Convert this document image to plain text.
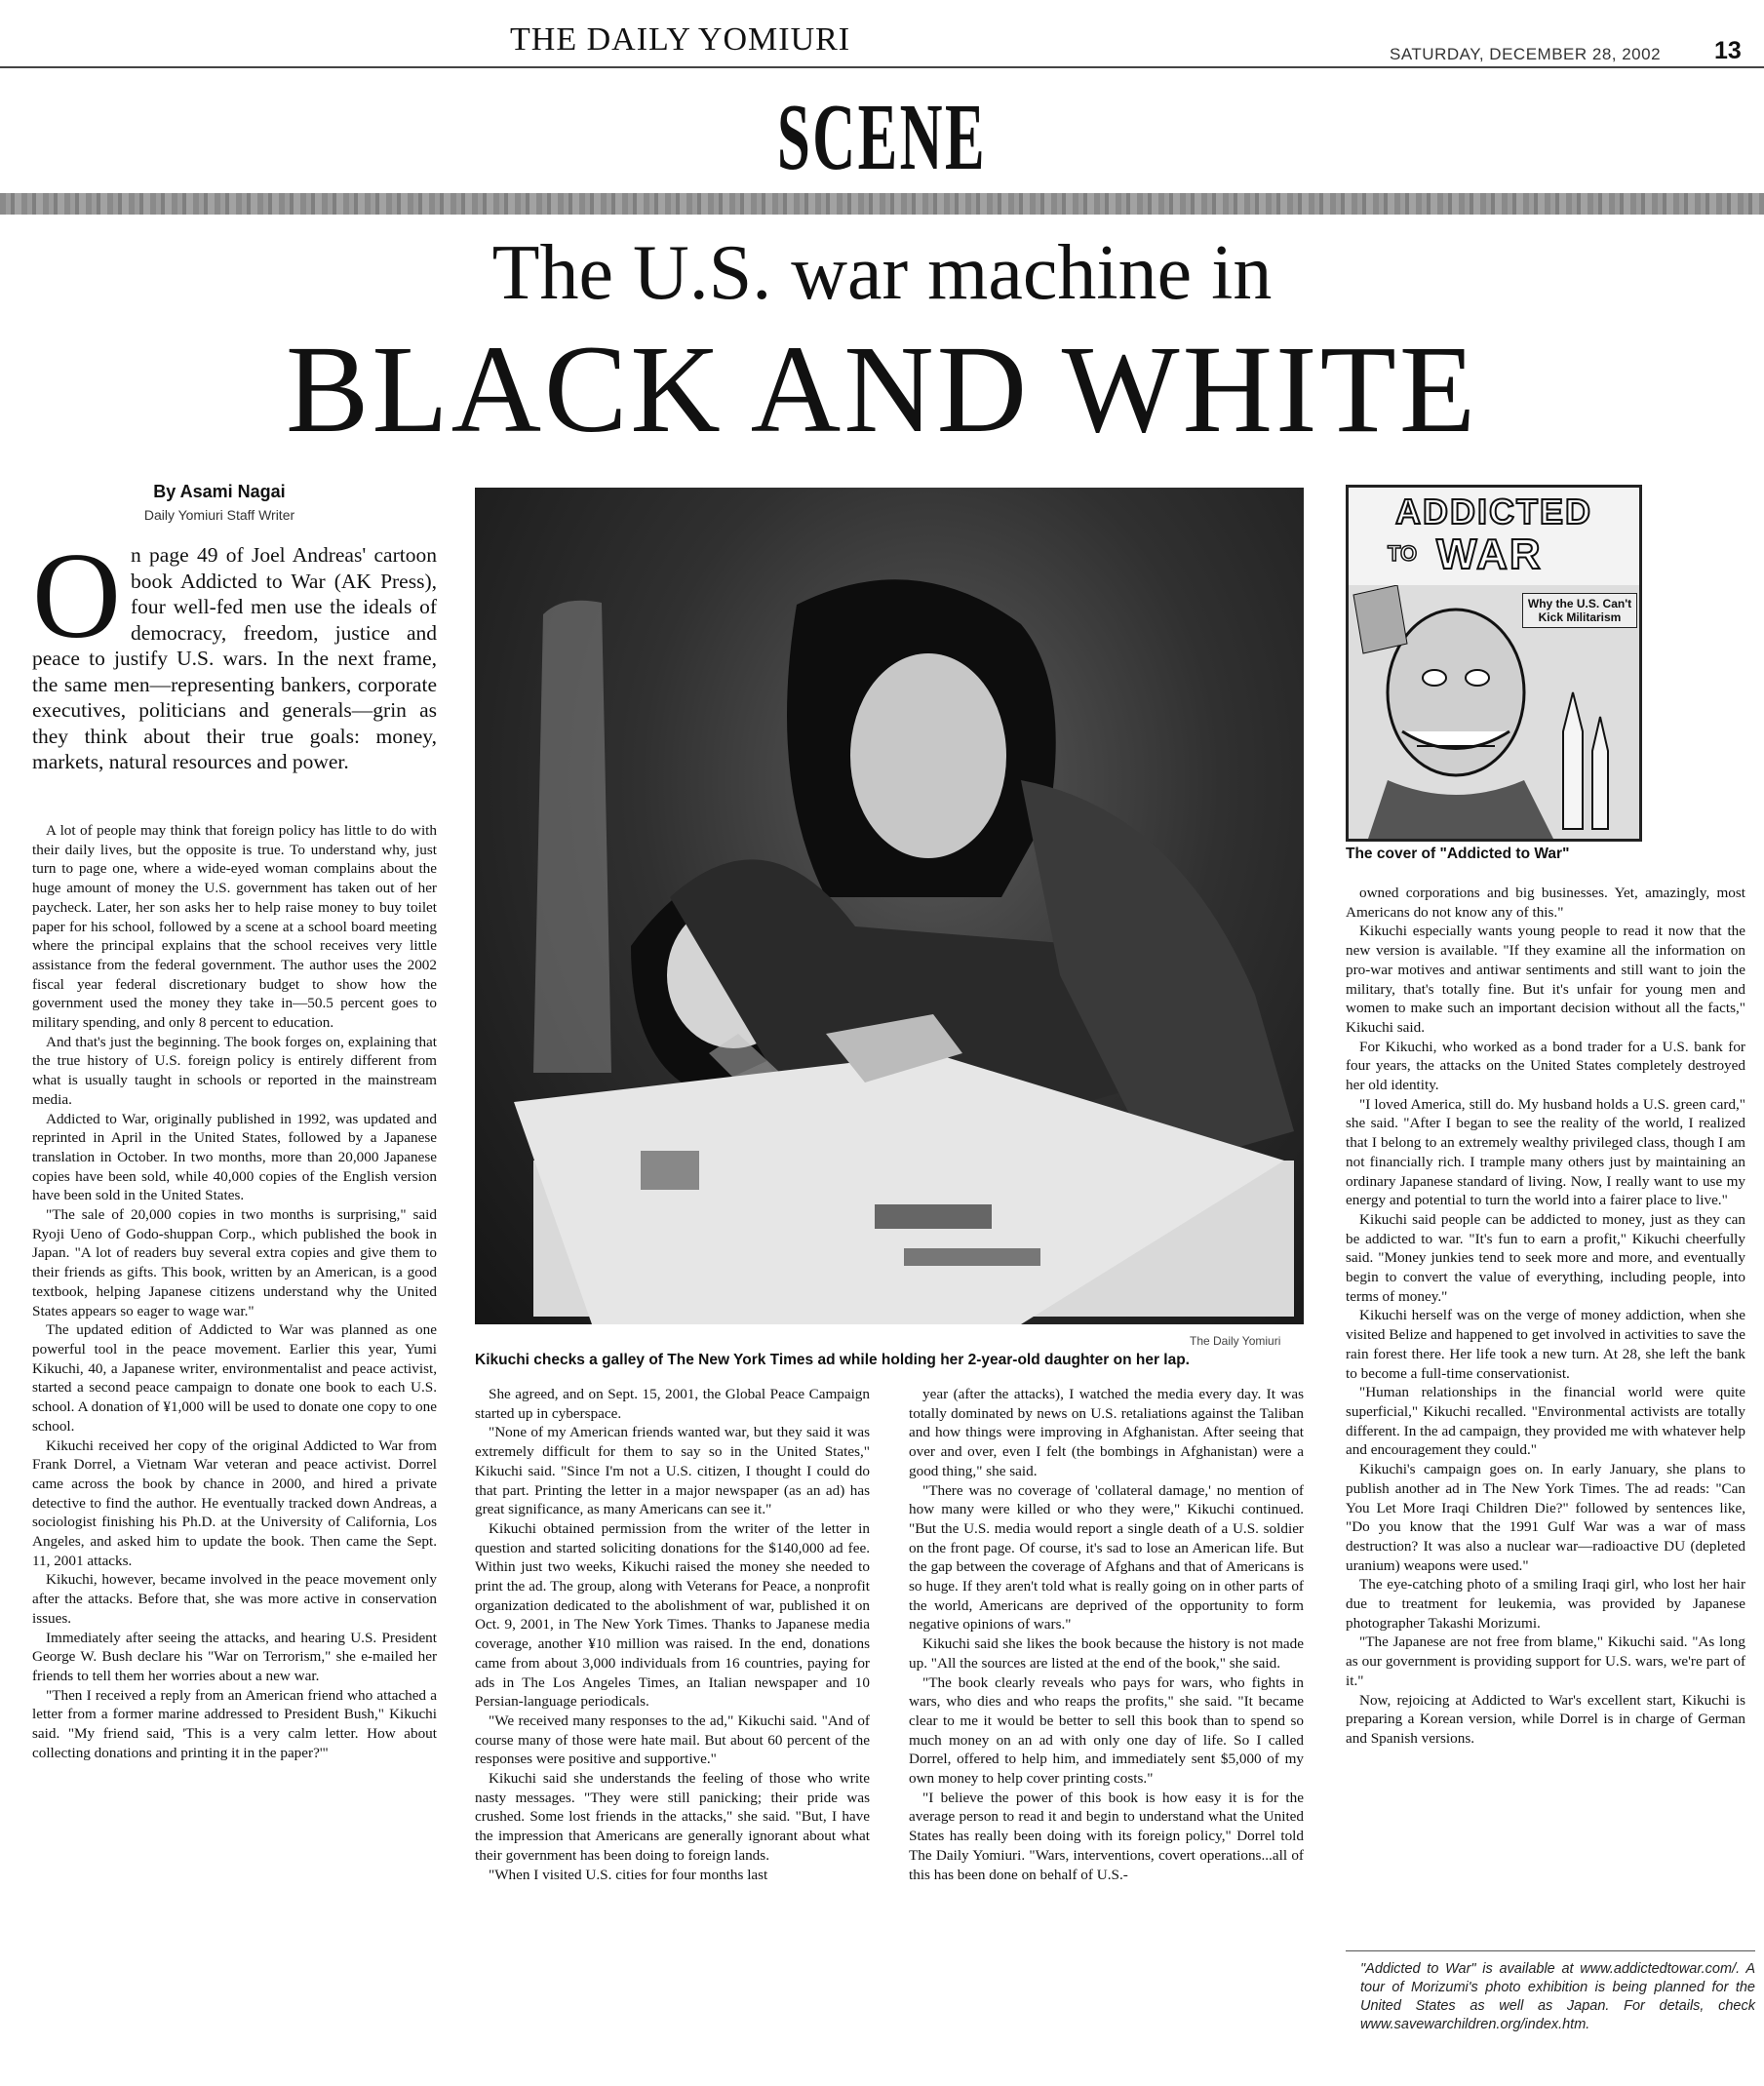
THE DAILY YOMIURI	SATURDAY, DECEMBER 28, 2002 13
SCENE
The U.S. war machine in
BLACK AND WHITE
By Asami Nagai
Daily Yomiuri Staff Writer
On page 49 of Joel Andreas' cartoon book Addicted to War (AK Press), four well-fed men use the ideals of democracy, freedom, justice and peace to justify U.S. wars. In the next frame, the same men—representing bankers, corporate executives, politicians and generals—grin as they think about their true goals: money, markets, natural resources and power.

A lot of people may think that foreign policy has little to do with their daily lives, but the opposite is true. To understand why, just turn to page one, where a wide-eyed woman complains about the huge amount of money the U.S. government has taken out of her paycheck. Later, her son asks her to help raise money to buy toilet paper for his school, followed by a scene at a school board meeting where the principal explains that the school receives very little assistance from the federal government. The author uses the 2002 fiscal year federal discretionary budget to show how the government used the money they take in—50.5 percent goes to military spending, and only 8 percent to education.

And that's just the beginning. The book forges on, explaining that the true history of U.S. foreign policy is entirely different from what is usually taught in schools or reported in the mainstream media.

Addicted to War, originally published in 1992, was updated and reprinted in April in the United States, followed by a Japanese translation in October. In two months, more than 20,000 Japanese copies have been sold, while 40,000 copies of the English version have been sold in the United States.

"The sale of 20,000 copies in two months is surprising," said Ryoji Ueno of Godo-shuppan Corp., which published the book in Japan. "A lot of readers buy several extra copies and give them to their friends as gifts. This book, written by an American, is a good textbook, helping Japanese citizens understand why the United States appears so eager to wage war."

The updated edition of Addicted to War was planned as one powerful tool in the peace movement. Earlier this year, Yumi Kikuchi, 40, a Japanese writer, environmentalist and peace activist, started a second peace campaign to donate one book to each U.S. school. A donation of ¥1,000 will be used to donate one copy to one school.

Kikuchi received her copy of the original Addicted to War from Frank Dorrel, a Vietnam War veteran and peace activist. Dorrel came across the book by chance in 2000, and hired a private detective to find the author. He eventually tracked down Andreas, a sociologist finishing his Ph.D. at the University of California, Los Angeles, and asked him to update the book. Then came the Sept. 11, 2001 attacks.

Kikuchi, however, became involved in the peace movement only after the attacks. Before that, she was more active in conservation issues.

Immediately after seeing the attacks, and hearing U.S. President George W. Bush declare his "War on Terrorism," she e-mailed her friends to tell them her worries about a new war.

"Then I received a reply from an American friend who attached a letter from a former marine addressed to President Bush," Kikuchi said. "My friend said, 'This is a very calm letter. How about collecting donations and printing it in the paper?'"

The Daily Yomiuri
Kikuchi checks a galley of The New York Times ad while holding her 2-year-old daughter on her lap.

She agreed, and on Sept. 15, 2001, the Global Peace Campaign started up in cyberspace.

"None of my American friends wanted war, but they said it was extremely difficult for them to say so in the United States," Kikuchi said. "Since I'm not a U.S. citizen, I thought I could do that part. Printing the letter in a major newspaper (as an ad) has great significance, as many Americans can see it."

Kikuchi obtained permission from the writer of the letter in question and started soliciting donations for the $140,000 ad fee. Within just two weeks, Kikuchi raised the money she needed to print the ad. The group, along with Veterans for Peace, a nonprofit organization dedicated to the abolishment of war, published it on Oct. 9, 2001, in The New York Times. Thanks to Japanese media coverage, another ¥10 million was raised. In the end, donations came from about 3,000 individuals from 16 countries, paying for ads in The Los Angeles Times, an Italian newspaper and 10 Persian-language periodicals.

"We received many responses to the ad," Kikuchi said. "And of course many of those were hate mail. But about 60 percent of the responses were positive and supportive."

Kikuchi said she understands the feeling of those who write nasty messages. "They were still panicking; their pride was crushed. Some lost friends in the attacks," she said. "But, I have the impression that Americans are generally ignorant about what their government has been doing to foreign lands.

"When I visited U.S. cities for four months last

year (after the attacks), I watched the media every day. It was totally dominated by news on U.S. retaliations against the Taliban and how things were improving in Afghanistan. After seeing that over and over, even I felt (the bombings in Afghanistan) were a good thing," she said.

"There was no coverage of 'collateral damage,' no mention of how many were killed or who they were," Kikuchi continued. "But the U.S. media would report a single death of a U.S. soldier on the front page. Of course, it's sad to lose an American life. But the gap between the coverage of Afghans and that of Americans is so huge. If they aren't told what is really going on in other parts of the world, Americans are deprived of the opportunity to form negative opinions of wars."

Kikuchi said she likes the book because the history is not made up. "All the sources are listed at the end of the book," she said.

"The book clearly reveals who pays for wars, who fights in wars, who dies and who reaps the profits," she said. "It became clear to me it would be better to sell this book than to spend so much money on an ad with only one day of life. So I called Dorrel, offered to help him, and immediately sent $5,000 of my own money to help cover printing costs."

"I believe the power of this book is how easy it is for the average person to read it and begin to understand what the United States has really been doing with its foreign policy," Dorrel told The Daily Yomiuri. "Wars, interventions, covert operations...all of this has been done on behalf of U.S.-

ADDICTED
TO WAR
Why the U.S. Can't Kick Militarism
The cover of "Addicted to War"

owned corporations and big businesses. Yet, amazingly, most Americans do not know any of this."

Kikuchi especially wants young people to read it now that the new version is available. "If they examine all the information on pro-war motives and antiwar sentiments and still want to join the military, that's totally fine. But it's unfair for young men and women to make such an important decision without all the facts," Kikuchi said.

For Kikuchi, who worked as a bond trader for a U.S. bank for four years, the attacks on the United States completely destroyed her old identity.

"I loved America, still do. My husband holds a U.S. green card," she said. "After I began to see the reality of the world, I realized that I belong to an extremely wealthy privileged class, though I am not financially rich. I trample many others just by maintaining an ordinary Japanese standard of living. Now, I really want to use my energy and potential to turn the world into a fairer place to live."

Kikuchi said people can be addicted to money, just as they can be addicted to war. "It's fun to earn a profit," Kikuchi cheerfully said. "Money junkies tend to seek more and more, and eventually begin to convert the value of everything, including people, into terms of money."

Kikuchi herself was on the verge of money addiction, when she visited Belize and happened to get involved in activities to save the rain forest there. Her life took a new turn. At 28, she left the bank to become a full-time conservationist.

"Human relationships in the financial world were quite superficial," Kikuchi recalled. "Environmental activists are totally different. In the ad campaign, they provided me with whatever help and encouragement they could."

Kikuchi's campaign goes on. In early January, she plans to publish another ad in The New York Times. The ad reads: "Can You Let More Iraqi Children Die?" followed by sentences like, "Do you know that the 1991 Gulf War was a war of mass destruction? It was also a nuclear war—radioactive DU (depleted uranium) weapons were used."

The eye-catching photo of a smiling Iraqi girl, who lost her hair due to treatment for leukemia, was provided by Japanese photographer Takashi Morizumi.

"The Japanese are not free from blame," Kikuchi said. "As long as our government is providing support for U.S. wars, we're part of it."

Now, rejoicing at Addicted to War's excellent start, Kikuchi is preparing a Korean version, while Dorrel is in charge of German and Spanish versions.

"Addicted to War" is available at www.addictedtowar.com/. A tour of Morizumi's photo exhibition is being planned for the United States as well as Japan. For details, check www.savewarchildren.org/index.htm.
